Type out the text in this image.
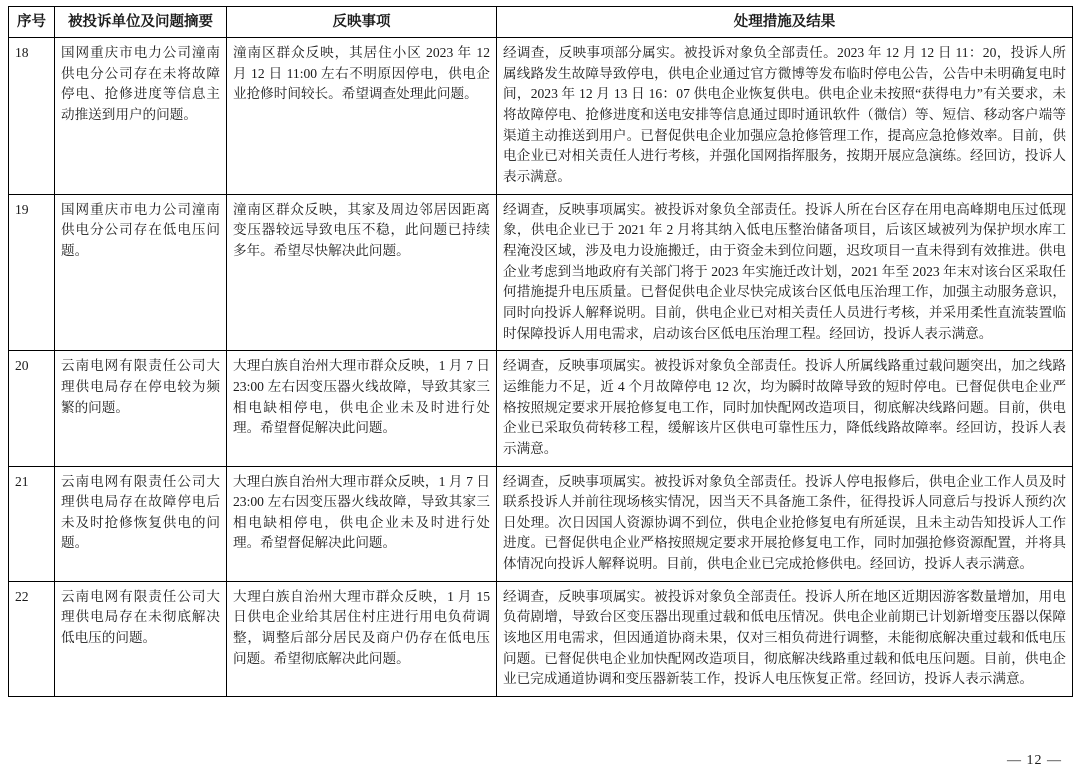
序号	被投诉单位及问题摘要	反映事项	处理措施及结果
18	国网重庆市电力公司潼南供电分公司存在未将故障停电、抢修进度等信息主动推送到用户的问题。	潼南区群众反映，其居住小区 2023 年 12 月 12 日 11:00 左右不明原因停电，供电企业抢修时间较长。希望调查处理此问题。	经调查，反映事项部分属实。被投诉对象负全部责任。2023 年 12 月 12 日 11：20，投诉人所属线路发生故障导致停电，供电企业通过官方微博等发布临时停电公告，公告中未明确复电时间，2023 年 12 月 13 日 16：07 供电企业恢复供电。供电企业未按照“获得电力”有关要求，未将故障停电、抢修进度和送电安排等信息通过即时通讯软件（微信）等、短信、移动客户端等渠道主动推送到用户。已督促供电企业加强应急抢修管理工作，提高应急抢修效率。目前，供电企业已对相关责任人进行考核，并强化国网指挥服务，按期开展应急演练。经回访，投诉人表示满意。
19	国网重庆市电力公司潼南供电分公司存在低电压问题。	潼南区群众反映，其家及周边邻居因距离变压器较远导致电压不稳，此问题已持续多年。希望尽快解决此问题。	经调查，反映事项属实。被投诉对象负全部责任。投诉人所在台区存在用电高峰期电压过低现象，供电企业已于 2021 年 2 月将其纳入低电压整治储备项目，后该区域被列为保护坝水库工程淹没区域，涉及电力设施搬迁，由于资金未到位问题，迟玫项目一直未得到有效推进。供电企业考虑到当地政府有关部门将于 2023 年实施迁改计划，2021 年至 2023 年末对该台区采取任何措施提升电压质量。已督促供电企业尽快完成该台区低电压治理工作，加强主动服务意识，同时向投诉人解释说明。目前，供电企业已对相关责任人员进行考核，并采用柔性直流装置临时保障投诉人用电需求，启动该台区低电压治理工程。经回访，投诉人表示满意。
20	云南电网有限责任公司大理供电局存在停电较为频繁的问题。	大理白族自治州大理市群众反映，1 月 7 日 23:00 左右因变压器火线故障，导致其家三相电缺相停电，供电企业未及时进行处理。希望督促解决此问题。	经调查，反映事项属实。被投诉对象负全部责任。投诉人所属线路重过载问题突出，加之线路运维能力不足，近 4 个月故障停电 12 次，均为瞬时故障导致的短时停电。已督促供电企业严格按照规定要求开展抢修复电工作，同时加快配网改造项目，彻底解决线路问题。目前，供电企业已采取负荷转移工程，缓解该片区供电可靠性压力，降低线路故障率。经回访，投诉人表示满意。
21	云南电网有限责任公司大理供电局存在故障停电后未及时抢修恢复供电的问题。	大理白族自治州大理市群众反映，1 月 7 日 23:00 左右因变压器火线故障，导致其家三相电缺相停电，供电企业未及时进行处理。希望督促解决此问题。	经调查，反映事项属实。被投诉对象负全部责任。投诉人停电报修后，供电企业工作人员及时联系投诉人并前往现场核实情况，因当天不具备施工条件，征得投诉人同意后与投诉人预约次日处理。次日因国人资源协调不到位，供电企业抢修复电有所延误，且未主动告知投诉人工作进度。已督促供电企业严格按照规定要求开展抢修复电工作，同时加强抢修资源配置，并将具体情况向投诉人解释说明。目前，供电企业已完成抢修供电。经回访，投诉人表示满意。
22	云南电网有限责任公司大理供电局存在未彻底解决低电压的问题。	大理白族自治州大理市群众反映，1 月 15 日供电企业给其居住村庄进行用电负荷调整，调整后部分居民及商户仍存在低电压问题。希望彻底解决此问题。	经调查，反映事项属实。被投诉对象负全部责任。投诉人所在地区近期因游客数量增加，用电负荷剧增，导致台区变压器出现重过载和低电压情况。供电企业前期已计划新增变压器以保障该地区用电需求，但因通道协商未果，仅对三相负荷进行调整，未能彻底解决重过载和低电压问题。已督促供电企业加快配网改造项目，彻底解决线路重过载和低电压问题。目前，供电企业已完成通道协调和变压器新装工作，投诉人电压恢复正常。经回访，投诉人表示满意。
— 12 —
